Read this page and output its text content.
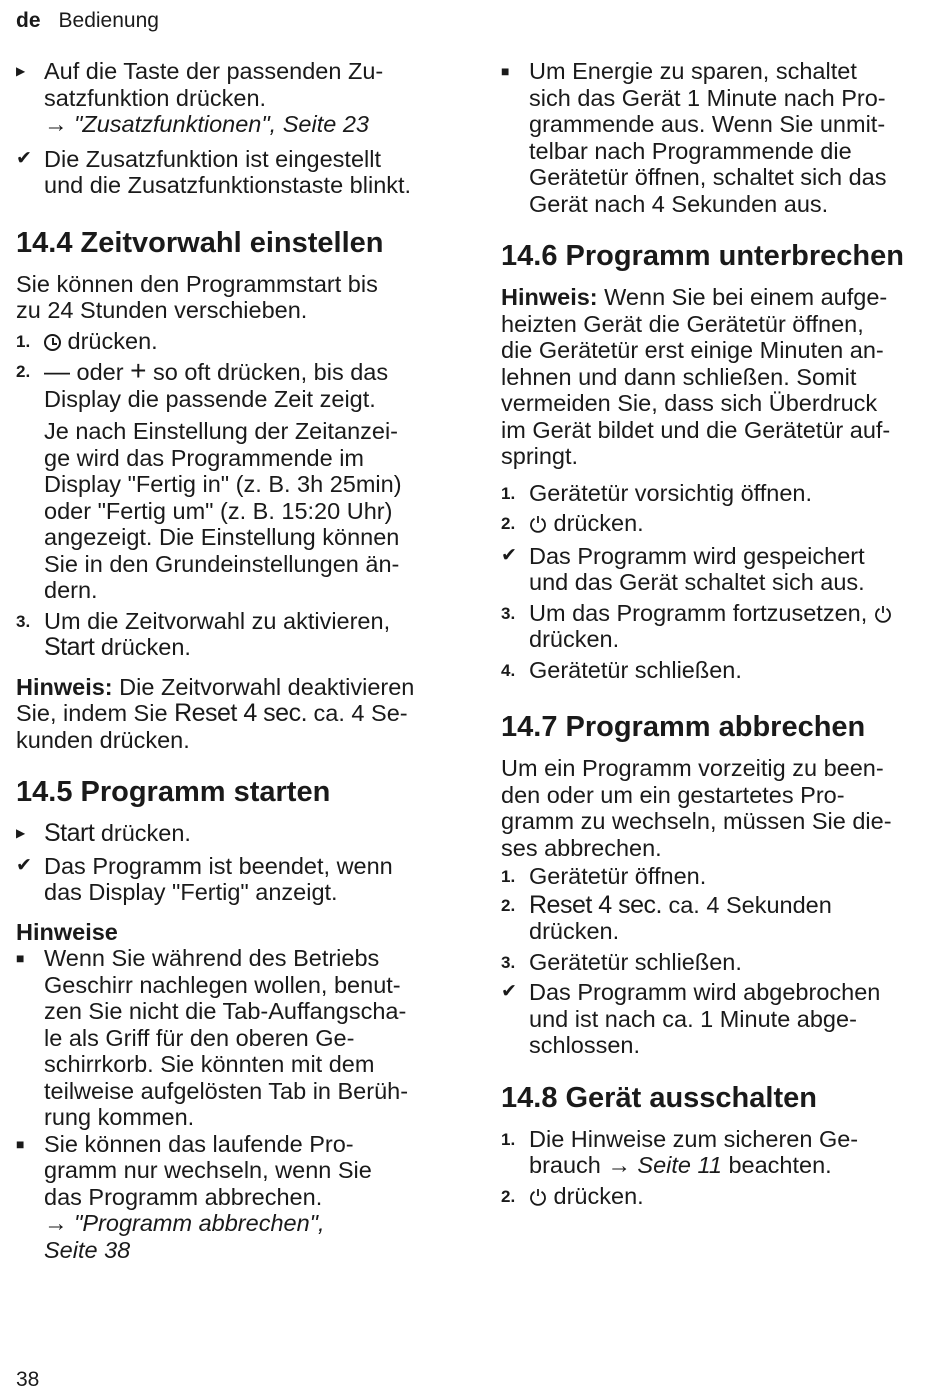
de Bedienung
▶ Auf die Taste der passenden Zu-

satzfunktion drücken.

→ "Zusatzfunktionen", Seite 23

✔ Die Zusatzfunktion ist eingestellt

und die Zusatzfunktionstaste blinkt.

14.4 Zeitvorwahl einstellen

Sie können den Programmstart bis

zu 24 Stunden verschieben.

1.	drücken.

2. — oder + so oft drücken, bis das

Display die passende Zeit zeigt.

Je nach Einstellung der Zeitanzei-

ge wird das Programmende im

Display "Fertig in" (z. B. 3h 25min)

oder "Fertig um" (z. B. 15:20 Uhr)

angezeigt. Die Einstellung können

Sie in den Grundeinstellungen än-

dern.

3. Um die Zeitvorwahl zu aktivieren,

Start drücken.

Hinweis: Die Zeitvorwahl deaktivieren

Sie, indem Sie Reset 4 sec. ca. 4 Se-

kunden drücken.

14.5 Programm starten
▶ Start drücken.

✔ Das Programm ist beendet, wenn

das Display "Fertig" anzeigt.

Hinweise
■ Wenn Sie während des Betriebs

Geschirr nachlegen wollen, benut-

zen Sie nicht die Tab-Auffangscha-

le als Griff für den oberen Ge-

schirrkorb. Sie könnten mit dem

teilweise aufgelösten Tab in Berüh-

rung kommen.

■ Sie können das laufende Pro-

gramm nur wechseln, wenn Sie

das Programm abbrechen.

→ "Programm abbrechen",

Seite 38

■ Um Energie zu sparen, schaltet

sich das Gerät 1 Minute nach Pro-

grammende aus. Wenn Sie unmit-

telbar nach Programmende die

Gerätetür öffnen, schaltet sich das

Gerät nach 4 Sekunden aus.

14.6 Programm unterbrechen

Hinweis: Wenn Sie bei einem aufge-

heizten Gerät die Gerätetür öffnen,

die Gerätetür erst einige Minuten an-

lehnen und dann schließen. Somit

vermeiden Sie, dass sich Überdruck

im Gerät bildet und die Gerätetür auf-

springt.

1. Gerätetür vorsichtig öffnen.

2.	drücken.

✔ Das Programm wird gespeichert

und das Gerät schaltet sich aus.

3. Um das Programm fortzusetzen,

drücken.

4. Gerätetür schließen.

14.7 Programm abbrechen

Um ein Programm vorzeitig zu been-

den oder um ein gestartetes Pro-

gramm zu wechseln, müssen Sie die-

ses abbrechen.

1. Gerätetür öffnen.

2. Reset 4 sec. ca. 4 Sekunden

drücken.

3. Gerätetür schließen.

✔ Das Programm wird abgebrochen

und ist nach ca. 1 Minute abge-

schlossen.

14.8 Gerät ausschalten
1. Die Hinweise zum sicheren Ge-

brauch → Seite 11 beachten.

2.	drücken.

38
